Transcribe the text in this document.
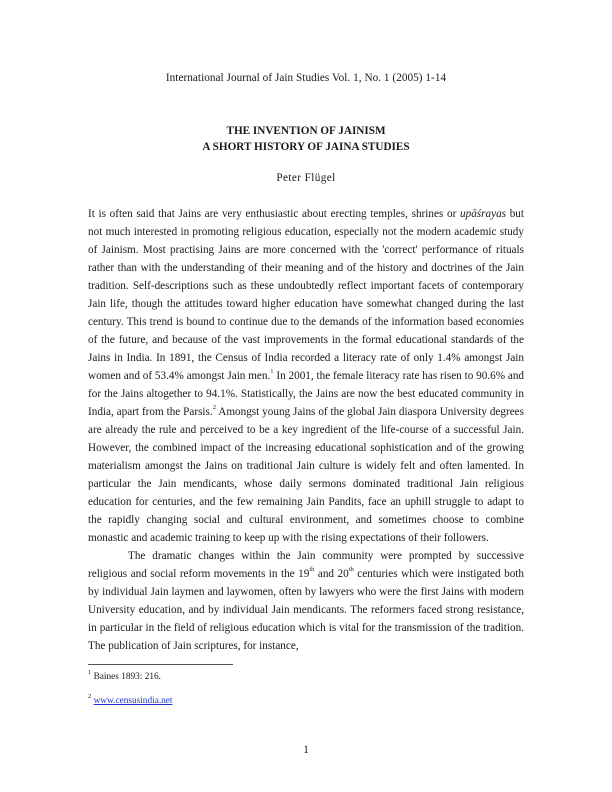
International Journal of Jain Studies Vol. 1, No. 1 (2005) 1-14
THE INVENTION OF JAINISM
A SHORT HISTORY OF JAINA STUDIES
Peter Flügel

It is often said that Jains are very enthusiastic about erecting temples, shrines or upāśrayas but not much interested in promoting religious education, especially not the modern academic study of Jainism. Most practising Jains are more concerned with the 'correct' performance of rituals rather than with the understanding of their meaning and of the history and doctrines of the Jain tradition. Self-descriptions such as these undoubtedly reflect important facets of contemporary Jain life, though the attitudes toward higher education have somewhat changed during the last century. This trend is bound to continue due to the demands of the information based economies of the future, and because of the vast improvements in the formal educational standards of the Jains in India. In 1891, the Census of India recorded a literacy rate of only 1.4% amongst Jain women and of 53.4% amongst Jain men.$^1$ In 2001, the female literacy rate has risen to 90.6% and for the Jains altogether to 94.1%. Statistically, the Jains are now the best educated community in India, apart from the Parsis.$^2$ Amongst young Jains of the global Jain diaspora University degrees are already the rule and perceived to be a key ingredient of the life-course of a successful Jain. However, the combined impact of the increasing educational sophistication and of the growing materialism amongst the Jains on traditional Jain culture is widely felt and often lamented. In particular the Jain mendicants, whose daily sermons dominated traditional Jain religious education for centuries, and the few remaining Jain Pandits, face an uphill struggle to adapt to the rapidly changing social and cultural environment, and sometimes choose to combine monastic and academic training to keep up with the rising expectations of their followers.

The dramatic changes within the Jain community were prompted by successive religious and social reform movements in the 19th and 20th centuries which were instigated both by individual Jain laymen and laywomen, often by lawyers who were the first Jains with modern University education, and by individual Jain mendicants. The reformers faced strong resistance, in particular in the field of religious education which is vital for the transmission of the tradition. The publication of Jain scriptures, for instance,

$^1$ Baines 1893: 216.
$^2$ www.censusindia.net
1
